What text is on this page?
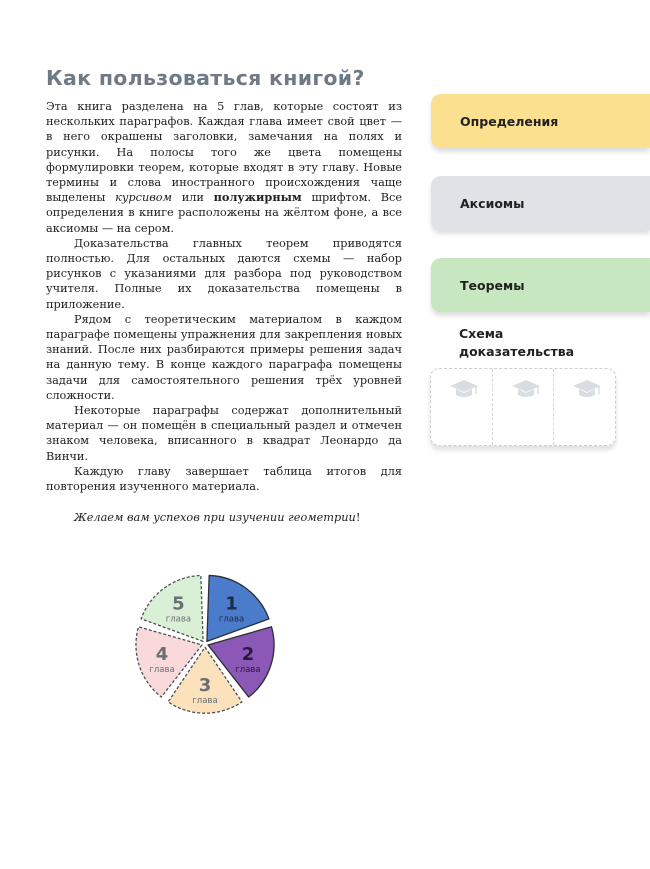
Как пользоваться книгой?

Эта книга разделена на 5 глав, которые состоят из нескольких параграфов. Каждая глава имеет свой цвет — в него окрашены заголовки, замечания на полях и рисунки. На полосы того же цвета помещены формулировки теорем, которые входят в эту главу. Новые термины и слова иностранного происхождения чаще выделены курсивом или полужирным шрифтом. Все определения в книге расположены на жёлтом фоне, а все аксиомы — на сером.

Доказательства главных теорем приводятся полностью. Для остальных даются схемы — набор рисунков с указаниями для разбора под руководством учителя. Полные их доказательства помещены в приложение.

Рядом с теоретическим материалом в каждом параграфе помещены упражнения для закрепления новых знаний. После них разбираются примеры решения задач на данную тему. В конце каждого параграфа помещены задачи для самостоятельного решения трёх уровней сложности.

Некоторые параграфы содержат дополнительный материал — он помещён в специальный раздел и отмечен знаком человека, вписанного в квадрат Леонардо да Винчи.

Каждую главу завершает таблица итогов для повторения изученного материала.

Желаем вам успехов при изучении геометрии!

Определения
Аксиомы
Теоремы
Схема
доказательства
1
глава
2
глава
3
глава
4
глава
5
глава
